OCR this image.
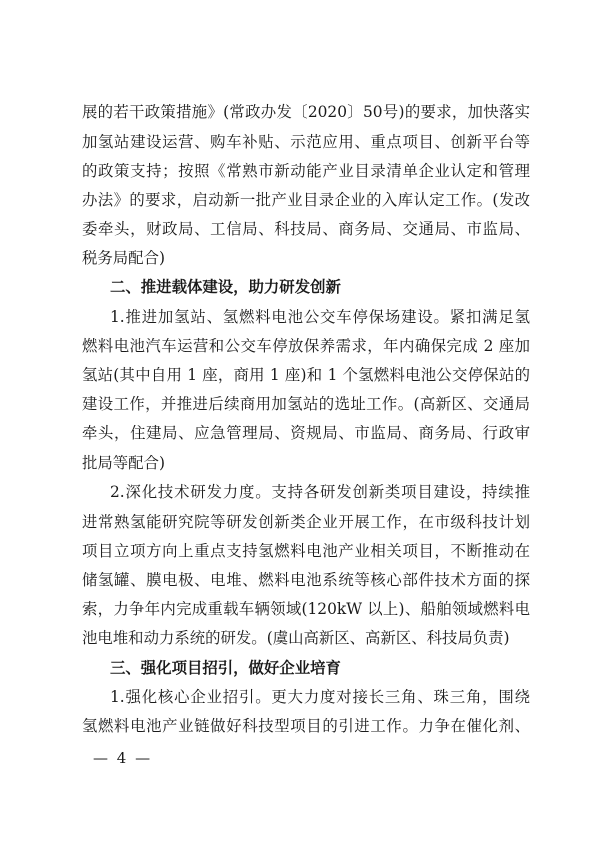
展的若干政策措施》(常政办发〔2020〕50号)的要求，加快落实
加氢站建设运营、购车补贴、示范应用、重点项目、创新平台等
的政策支持；按照《常熟市新动能产业目录清单企业认定和管理
办法》的要求，启动新一批产业目录企业的入库认定工作。(发改
委牵头，财政局、工信局、科技局、商务局、交通局、市监局、
税务局配合)
二、推进载体建设，助力研发创新
1.推进加氢站、氢燃料电池公交车停保场建设。紧扣满足氢
燃料电池汽车运营和公交车停放保养需求，年内确保完成 2 座加
氢站(其中自用 1 座，商用 1 座)和 1 个氢燃料电池公交停保站的
建设工作，并推进后续商用加氢站的选址工作。(高新区、交通局
牵头，住建局、应急管理局、资规局、市监局、商务局、行政审
批局等配合)
2.深化技术研发力度。支持各研发创新类项目建设，持续推
进常熟氢能研究院等研发创新类企业开展工作，在市级科技计划
项目立项方向上重点支持氢燃料电池产业相关项目，不断推动在
储氢罐、膜电极、电堆、燃料电池系统等核心部件技术方面的探
索，力争年内完成重载车辆领域(120kW 以上)、船舶领域燃料电
池电堆和动力系统的研发。(虞山高新区、高新区、科技局负责)
三、强化项目招引，做好企业培育
1.强化核心企业招引。更大力度对接长三角、珠三角，围绕
氢燃料电池产业链做好科技型项目的引进工作。力争在催化剂、
— 4 —
